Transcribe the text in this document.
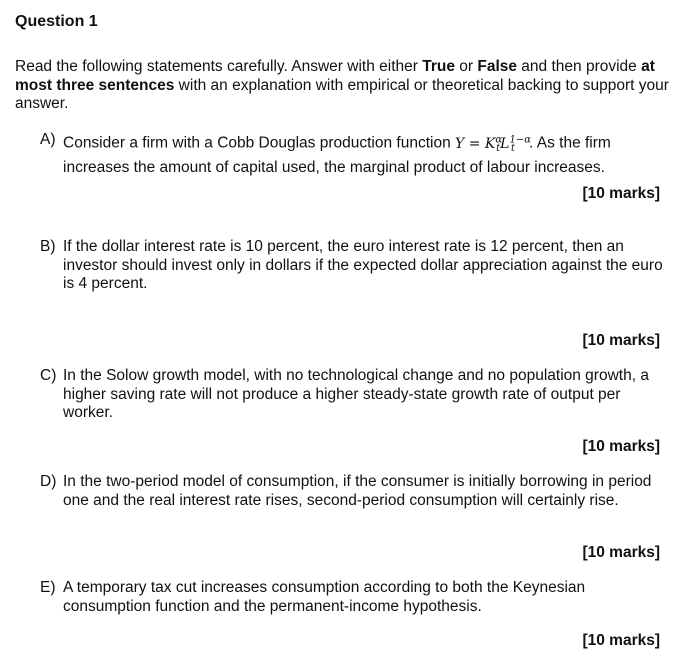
Question 1
Read the following statements carefully. Answer with either True or False and then provide at most three sentences with an explanation with empirical or theoretical backing to support your answer.
A) Consider a firm with a Cobb Douglas production function $Y = K^\alpha_tL^{1-\alpha}_t$ . As the firm increases the amount of capital used, the marginal product of labour increases.
[10 marks]
B) If the dollar interest rate is 10 percent, the euro interest rate is 12 percent, then an investor should invest only in dollars if the expected dollar appreciation against the euro is 4 percent.
[10 marks]
C) In the Solow growth model, with no technological change and no population growth, a higher saving rate will not produce a higher steady-state growth rate of output per worker.
[10 marks]
D) In the two-period model of consumption, if the consumer is initially borrowing in period one and the real interest rate rises, second-period consumption will certainly rise.
[10 marks]
E) A temporary tax cut increases consumption according to both the Keynesian consumption function and the permanent-income hypothesis.
[10 marks]
